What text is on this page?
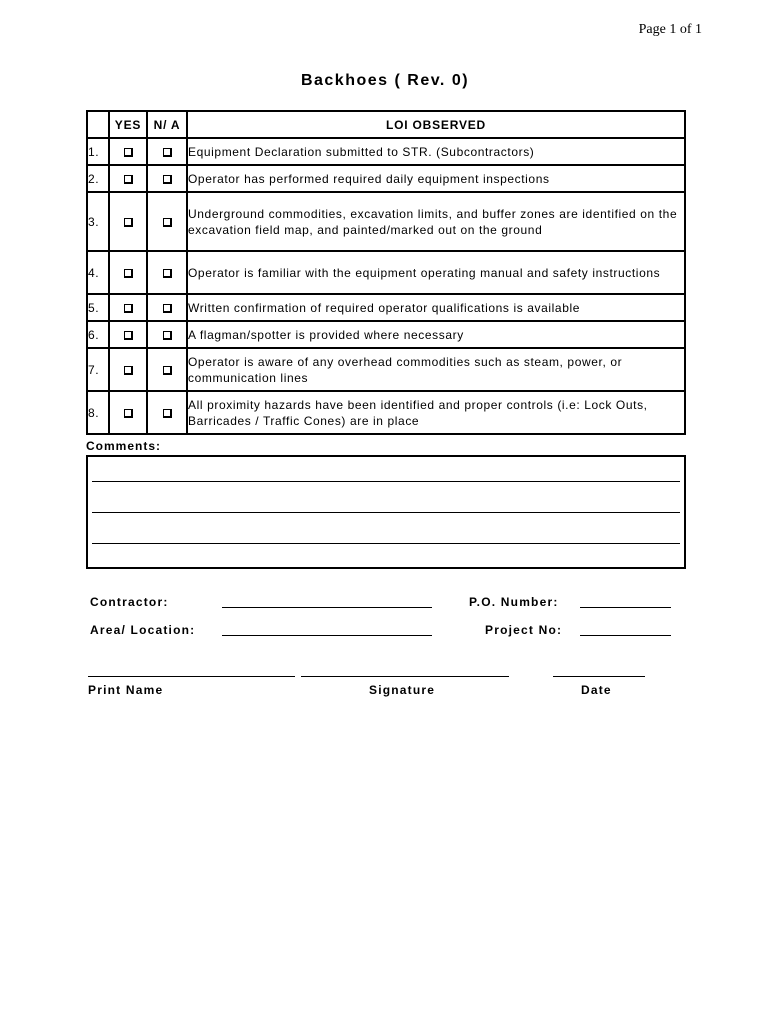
Page 1 of 1
Backhoes ( Rev. 0)
	YES	N/ A	LOI OBSERVED
1.			Equipment Declaration submitted to STR. (Subcontractors)
2.			Operator has performed required daily equipment inspections
3.			Underground commodities, excavation limits, and buffer zones are identified on the excavation field map, and painted/marked out on the ground
4.			Operator is familiar with the equipment operating manual and safety instructions
5.			Written confirmation of required operator qualifications is available
6.			A flagman/spotter is provided where necessary
7.			Operator is aware of any overhead commodities such as steam, power, or communication lines
8.			All proximity hazards have been identified and proper controls (i.e: Lock Outs, Barricades / Traffic Cones) are in place
Comments:
Contractor:	P.O. Number:
Area/ Location:	Project No:
Print Name	Signature	Date
